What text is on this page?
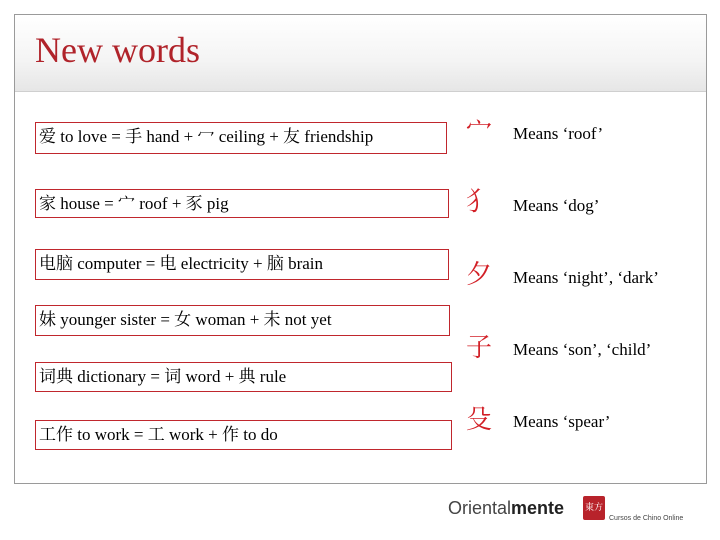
New words
爱 to love = 手 hand + 冖 ceiling + 友 friendship
家 house = 宀 roof + 豕 pig
电脑 computer = 电 electricity + 脑 brain
妹 younger sister = 女 woman + 未 not yet
词典 dictionary = 词 word + 典 rule
工作 to work = 工 work + 作 to do
宀 Means ‘roof’
犭 Means ‘dog’
夕 Means ‘night’, ‘dark’
子 Means ‘son’, ‘child’
殳 Means ‘spear’
Orientalmente 東方
Cursos de Chino Online
